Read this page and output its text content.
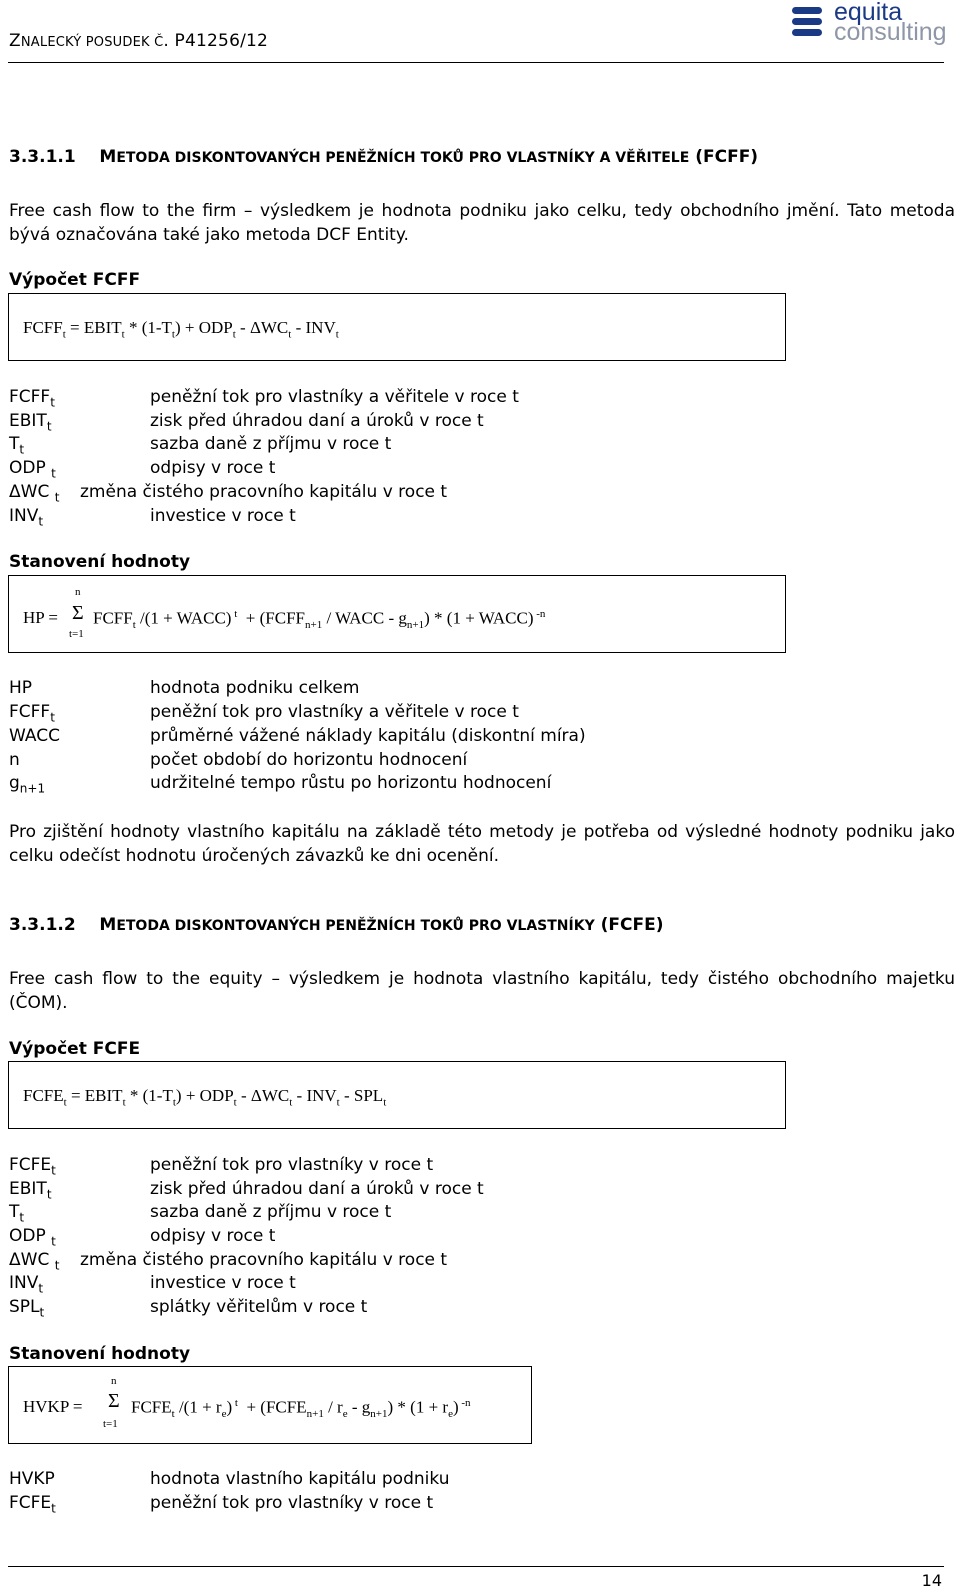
ZNALECKÝ POSUDEK Č. P41256/12
equita
consulting
3.3.1.1 METODA DISKONTOVANÝCH PENĚŽNÍCH TOKŮ PRO VLASTNÍKY A VĚŘITELE (FCFF)
Free cash flow to the firm – výsledkem je hodnota podniku jako celku, tedy obchodního jmění. Tato metoda bývá označována také jako metoda DCF Entity.
Výpočet FCFF
$FCFF_t$ = $EBIT_t * (1-T_t) + ODP_t - \Delta WC_t - INV_t$
$FCFF_t$	peněžní tok pro vlastníky a věřitele v roce t
$EBIT_t$	zisk před úhradou daní a úroků v roce t
$T_t$	sazba daně z příjmu v roce t
ODP $_t$	odpisy v roce t
ΔWC $_t$ změna čistého pracovního kapitálu v roce t
$INV_t$	investice v roce t
Stanovení hodnoty
HP =
n
Σ
t=1
$FCFF_t$ /(1 + WACC) $^t + (FCFF_{n+1}$ / WACC - $g_{n+1}) * (1$ + WACC) $^{-n}$
HP	hodnota podniku celkem
$FCFF_t$	peněžní tok pro vlastníky a věřitele v roce t
WACC	průměrné vážené náklady kapitálu (diskontní míra)
n	počet období do horizontu hodnocení
$g_{n+1}$	udržitelné tempo růstu po horizontu hodnocení
Pro zjištění hodnoty vlastního kapitálu na základě této metody je potřeba od výsledné hodnoty podniku jako celku odečíst hodnotu úročených závazků ke dni ocenění.
3.3.1.2 METODA DISKONTOVANÝCH PENĚŽNÍCH TOKŮ PRO VLASTNÍKY (FCFE)
Free cash flow to the equity – výsledkem je hodnota vlastního kapitálu, tedy čistého obchodního majetku (ČOM).
Výpočet FCFE
$FCFE_t$ = $EBIT_t * (1-T_t) + ODP_t - \Delta WC_t - INV_t - SPL_t$
$FCFE_t$	peněžní tok pro vlastníky v roce t
$EBIT_t$	zisk před úhradou daní a úroků v roce t
$T_t$	sazba daně z příjmu v roce t
ODP $_t$	odpisy v roce t
ΔWC $_t$ změna čistého pracovního kapitálu v roce t
$INV_t$	investice v roce t
$SPL_t$	splátky věřitelům v roce t
Stanovení hodnoty
HVKP =
n
Σ
t=1
$FCFE_t$ $/(1 + r_e)$ $^t + (FCFE_{n+1} / r_e - g_{n+1}) * (1 + r_e)$ $^{-n}$
HVKP	hodnota vlastního kapitálu podniku
$FCFE_t$	peněžní tok pro vlastníky v roce t
14
